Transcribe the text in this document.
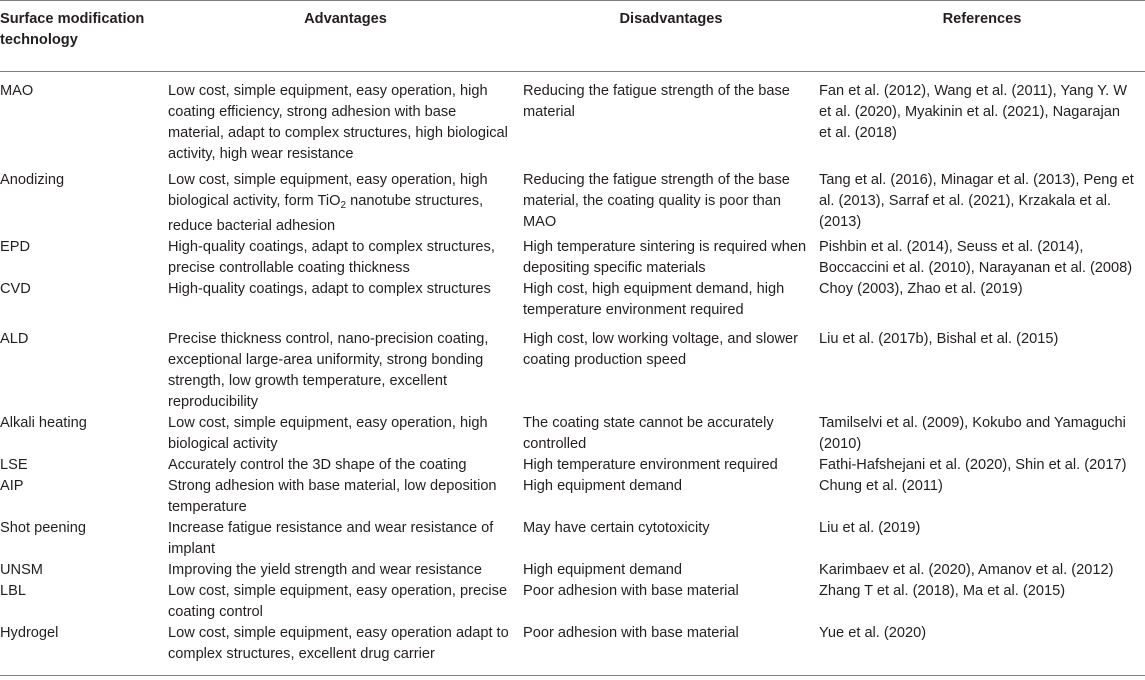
Surface modification technology	Advantages	Disadvantages	References
MAO	Low cost, simple equipment, easy operation, high coating efficiency, strong adhesion with base material, adapt to complex structures, high biological activity, high wear resistance	Reducing the fatigue strength of the base material	Fan et al. (2012), Wang et al. (2011), Yang Y. W et al. (2020), Myakinin et al. (2021), Nagarajan et al. (2018)
Anodizing	Low cost, simple equipment, easy operation, high biological activity, form TiO$_2$ nanotube structures, reduce bacterial adhesion	Reducing the fatigue strength of the base material, the coating quality is poor than MAO	Tang et al. (2016), Minagar et al. (2013), Peng et al. (2013), Sarraf et al. (2021), Krzakala et al. (2013)
EPD	High-quality coatings, adapt to complex structures, precise controllable coating thickness	High temperature sintering is required when depositing specific materials	Pishbin et al. (2014), Seuss et al. (2014), Boccaccini et al. (2010), Narayanan et al. (2008)
CVD	High-quality coatings, adapt to complex structures	High cost, high equipment demand, high temperature environment required	Choy (2003), Zhao et al. (2019)
ALD	Precise thickness control, nano-precision coating, exceptional large-area uniformity, strong bonding strength, low growth temperature, excellent reproducibility	High cost, low working voltage, and slower coating production speed	Liu et al. (2017b), Bishal et al. (2015)
Alkali heating	Low cost, simple equipment, easy operation, high biological activity	The coating state cannot be accurately controlled	Tamilselvi et al. (2009), Kokubo and Yamaguchi (2010)
LSE	Accurately control the 3D shape of the coating	High temperature environment required	Fathi-Hafshejani et al. (2020), Shin et al. (2017)
AIP	Strong adhesion with base material, low deposition temperature	High equipment demand	Chung et al. (2011)
Shot peening	Increase fatigue resistance and wear resistance of implant	May have certain cytotoxicity	Liu et al. (2019)
UNSM	Improving the yield strength and wear resistance	High equipment demand	Karimbaev et al. (2020), Amanov et al. (2012)
LBL	Low cost, simple equipment, easy operation, precise coating control	Poor adhesion with base material	Zhang T et al. (2018), Ma et al. (2015)
Hydrogel	Low cost, simple equipment, easy operation adapt to complex structures, excellent drug carrier	Poor adhesion with base material	Yue et al. (2020)
